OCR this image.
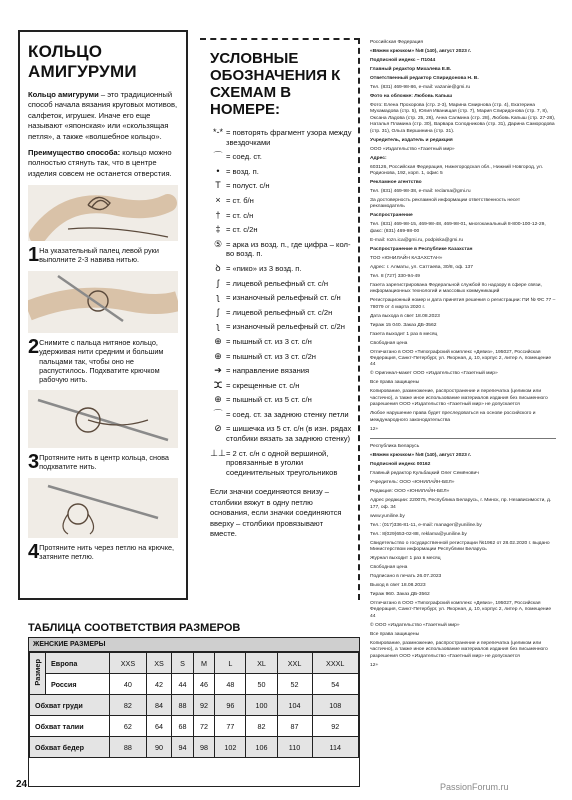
КОЛЬЦО АМИГУРУМИ

Кольцо амигуруми – это традиционный способ начала вязания круговых мотивов, салфеток, игрушек. Иначе его еще называют «японская» или «скользящая петля», а также «волшебное кольцо».

Преимущество способа: кольцо можно полностью стянуть так, что в центре изделия совсем не останется отверстия.

1 На указательный палец левой руки выполните 2-3 навива нитью.
2 Снимите с пальца нитяное кольцо, удерживая нити средним и большим пальцами так, чтобы оно не распустилось. Подхватите крючком рабочую нить.
3 Протяните нить в центр кольца, снова подхватите нить.
4 Протяните нить через петлю на крючке, затяните петлю.
УСЛОВНЫЕ ОБОЗНАЧЕНИЯ К СХЕМАМ В НОМЕРЕ:
*-* = повторять фрагмент узора между звездочками
⌒ = соед. ст.
• = возд. п.
T = полуст. с/н
× = ст. б/н
† = ст. с/н
‡ = ст. с/2н
⑤ = арка из возд. п., где цифра – кол-во возд. п.
ꝺ = «пико» из 3 возд. п.
ʃ = лицевой рельефный ст. с/н
ʅ = изнаночный рельефный ст. с/н
ʃ = лицевой рельефный ст. с/2н
ʅ = изнаночный рельефный ст. с/2н
⊕ = пышный ст. из 3 ст. с/н
⊕ = пышный ст. из 3 ст. с/2н
➔ = направление вязания
ⵋ = скрещенные ст. с/н
⊕ = пышный ст. из 5 ст. с/н
⌒ = соед. ст. за заднюю стенку петли
⊘ = шишечка из 5 ст. с/н (в изн. рядах столбики вязать за заднюю стенку)
⊥⊥ = 2 ст. с/н с одной вершиной, провязанные в уголки соединительных треугольников

Если значки соединяются внизу – столбики вяжут в одну петлю основания, если значки соединяются вверху – столбики провязывают вместе.

Российская Федерация

«Вяжем крючком» №8 (140), август 2023 г.

Подписной индекс – П1044

Главный редактор Михалева Е.В.

Ответственный редактор Спиридонова Н. В.

Тел. (831) 469-98-86, e-mail: vazanie@gmi.ru

Фото на обложке: Любовь Капыш

Фото: Елена Прохорова (стр. 2-3), Марина Смирнова (стр. 4), Екатерина Мухамадова (стр. 5), Юлия Иванищая (стр. 7), Мария Спиридонова (стр. 7, 8), Оксана Ладова (стр. 25, 26), Анна Салмина (стр. 28), Любовь Капыш (стр. 27-28), Наталья Пламина (стр. 30), Варвара Солодникова (стр. 31), Дарина Самородова (стр. 31), Ольга Вершинина (стр. 31).

Учредитель, издатель и редакция

ООО «Издательство «Газетный мир»

Адрес:

603126, Российская Федерация, Нижегородская обл., Нижний Новгород, ул. Родионова, 192, корп. 1, офис 5

Рекламное агентство

Тел. (831) 469-98-38, e-mail: reclama@gmi.ru

За достоверность рекламной информации ответственность несет рекламодатель

Распространение

Тел. (831) 469-98-15, 469-98-48, 469-98-01, многоканальный 8-800-100-12-29, факс: (831) 469-98-00

E-mail: rozn.ica@gmi.ru, podpiska@gmi.ru

Распространение в Республике Казахстан

ТОО «ЮНИЛАЙН КАЗАХСТАН»

Адрес: г. Алматы, ул. Саттаева, 30/8, оф. 137

Тел. 8 (727) 330-94-49

Газета зарегистрирована Федеральной службой по надзору в сфере связи, информационных технологий и массовых коммуникаций

Регистрационный номер и дата принятия решения о регистрации: ПИ № ФС 77 – 78079 от 4 марта 2020 г.

Дата выхода в свет 18.08.2023

Тираж 15 040. Заказ ДБ-3562

Газета выходит 1 раз в месяц

Свободная цена

Отпечатано в ООО «Типографский комплекс «Девиз», 195027, Российская Федерация, Санкт-Петербург, ул. Якорная, д. 10, корпус 2, литер А, помещение 44

© Оригинал-макет ООО «Издательство «Газетный мир»

Все права защищены

Копирование, размножение, распространение и перепечатка (целиком или частично), а также иное использование материалов издания без письменного разрешения ООО «Издательство «Газетный мир» не допускается

Любое нарушение права будет преследоваться на основе российского и международного законодательства

12+

Республика Беларусь

«Вяжем крючком» №8 (140), август 2023 г.

Подписной индекс 00162

Главный редактор Кульбацкий Олег Семёнович

Учредитель: ООО «ЮНИЛАЙН-БЕЛ»

Редакция: ООО «ЮНИЛАЙН-БЕЛ»

Адрес редакции: 220075, Республика Беларусь, г. Минск, пр. Независимости, д. 177, оф. 34

www.yuniline.by

Тел.: (017)336-81-11, e-mail: manager@yuniline.by

Тел.: 8(029)653-02-88, reklama@yuniline.by

Свидетельство о государственной регистрации №1962 от 28.02.2020 г. выдано Министерством информации Республики Беларусь

Журнал выходит 1 раз в месяц

Свободная цена

Подписано в печать 26.07.2023

Выход в свет 18.08.2023

Тираж 960. Заказ ДБ-3562

Отпечатано в ООО «Типографский комплекс «Девиз», 195027, Российская Федерация, Санкт-Петербург, ул. Якорная, д. 10, корпус 2, литер А, помещение 44

© ООО «Издательство «Газетный мир»

Все права защищены

Копирование, размножение, распространение и перепечатка (целиком или частично), а также иное использование материалов издания без письменного разрешения ООО «Издательство «Газетный мир» не допускается

12+

ТАБЛИЦА СООТВЕТСТВИЯ РАЗМЕРОВ
ЖЕНСКИЕ РАЗМЕРЫ
Размер	Европа	XXS	XS	S	M	L	XL	XXL	XXXL
	Россия	40	42	44	46	48	50	52	54
Обхват груди		82	84	88	92	96	100	104	108
Обхват талии		62	64	68	72	77	82	87	92
Обхват бедер		88	90	94	98	102	106	110	114
24	PassionForum.ru
